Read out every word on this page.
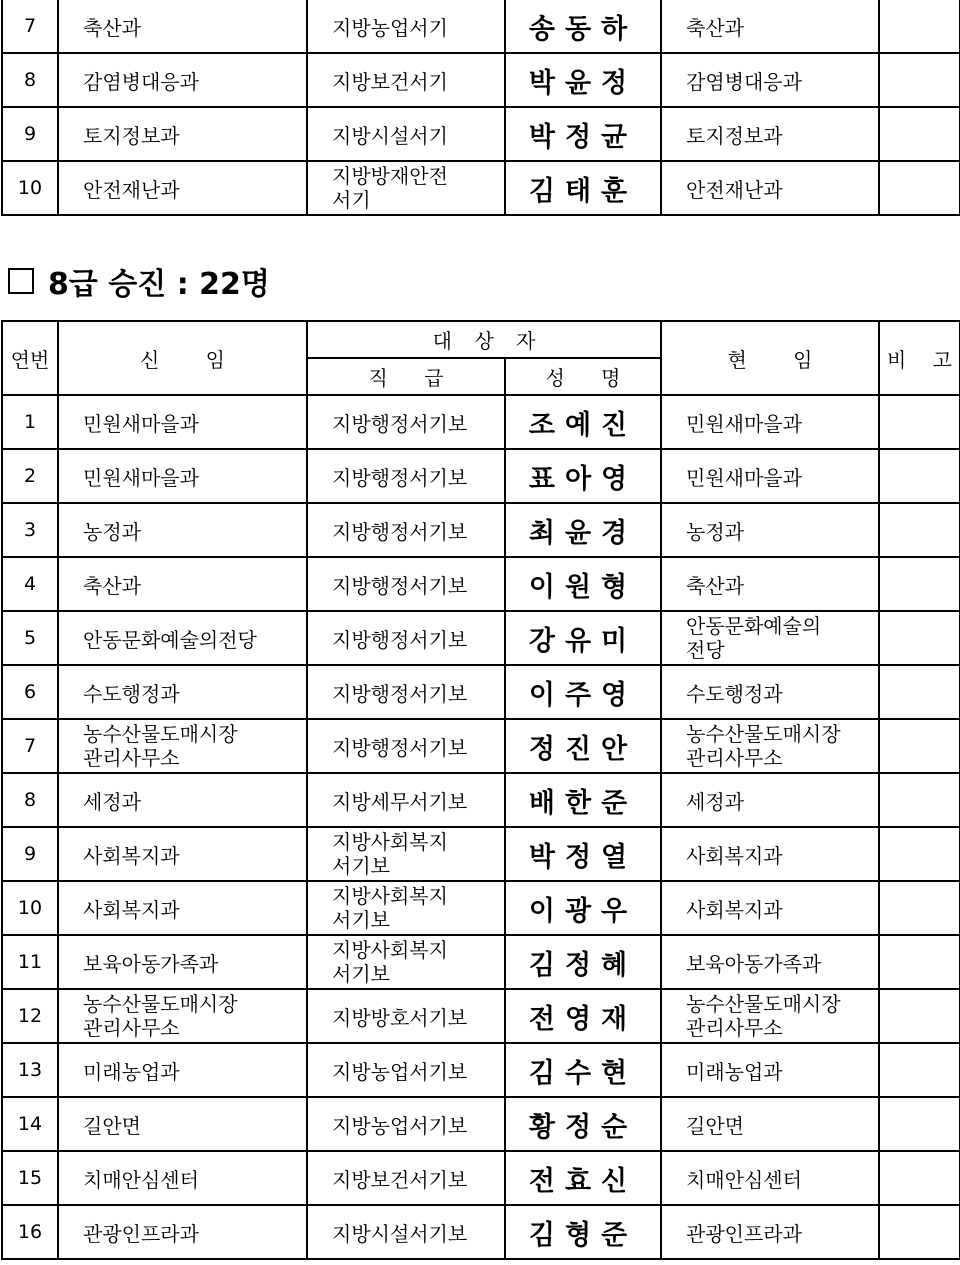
7	축산과	지방농업서기	송동하	축산과	

8	감염병대응과	지방보건서기	박윤정	감염병대응과	

9	토지정보과	지방시설서기	박정균	토지정보과	

10	안전재난과	지방방재안전
서기	김태훈	안전재난과	

8급 승진 : 22명
연번	신 임	대 상 자		현 임	비 고
		직 급	성 명		
1	민원새마을과	지방행정서기보	조예진	민원새마을과	

2	민원새마을과	지방행정서기보	표아영	민원새마을과	

3	농정과	지방행정서기보	최윤경	농정과	

4	축산과	지방행정서기보	이원형	축산과	

5	안동문화예술의전당	지방행정서기보	강유미	안동문화예술의
전당	

6	수도행정과	지방행정서기보	이주영	수도행정과	

7	농수산물도매시장
관리사무소	지방행정서기보	정진안	농수산물도매시장
관리사무소	

8	세정과	지방세무서기보	배한준	세정과	

9	사회복지과	지방사회복지
서기보	박정열	사회복지과	

10	사회복지과	지방사회복지
서기보	이광우	사회복지과	

11	보육아동가족과	지방사회복지
서기보	김정혜	보육아동가족과	

12	농수산물도매시장
관리사무소	지방방호서기보	전영재	농수산물도매시장
관리사무소	

13	미래농업과	지방농업서기보	김수현	미래농업과	

14	길안면	지방농업서기보	황정순	길안면	

15	치매안심센터	지방보건서기보	전효신	치매안심센터	

16	관광인프라과	지방시설서기보	김형준	관광인프라과	
